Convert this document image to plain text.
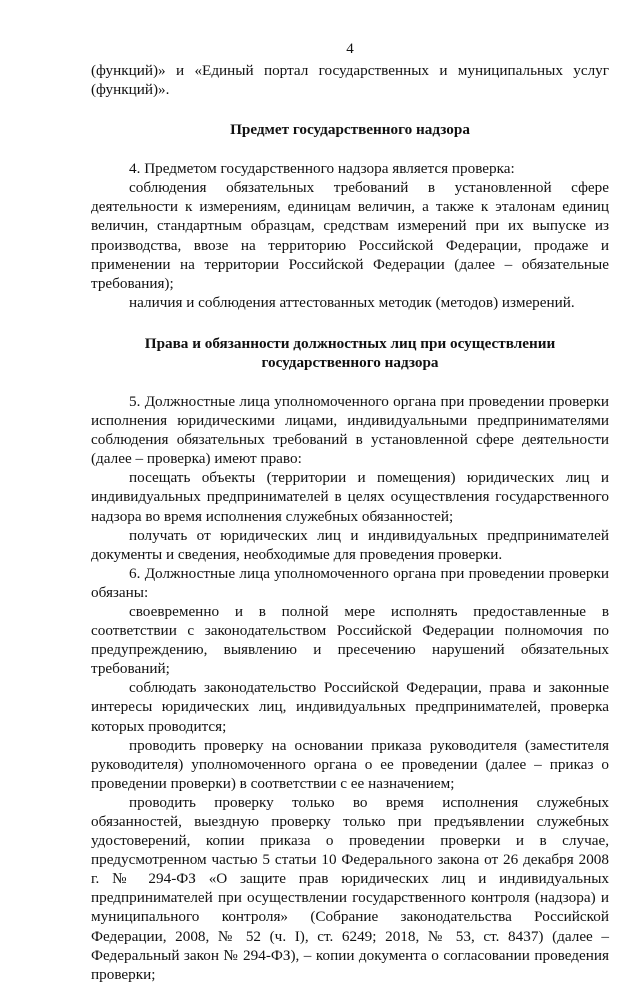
4

(функций)» и «Единый портал государственных и муниципальных услуг (функций)».

Предмет государственного надзора

4. Предметом государственного надзора является проверка:

соблюдения обязательных требований в установленной сфере деятельности к измерениям, единицам величин, а также к эталонам единиц величин, стандартным образцам, средствам измерений при их выпуске из производства, ввозе на территорию Российской Федерации, продаже и применении на территории Российской Федерации (далее – обязательные требования);

наличия и соблюдения аттестованных методик (методов) измерений.

Права и обязанности должностных лиц при осуществлении
государственного надзора

5. Должностные лица уполномоченного органа при проведении проверки исполнения юридическими лицами, индивидуальными предпринимателями соблюдения обязательных требований в установленной сфере деятельности (далее – проверка) имеют право:

посещать объекты (территории и помещения) юридических лиц и индивидуальных предпринимателей в целях осуществления государственного надзора во время исполнения служебных обязанностей;

получать от юридических лиц и индивидуальных предпринимателей документы и сведения, необходимые для проведения проверки.

6. Должностные лица уполномоченного органа при проведении проверки обязаны:

своевременно и в полной мере исполнять предоставленные в соответствии с законодательством Российской Федерации полномочия по предупреждению, выявлению и пресечению нарушений обязательных требований;

соблюдать законодательство Российской Федерации, права и законные интересы юридических лиц, индивидуальных предпринимателей, проверка которых проводится;

проводить проверку на основании приказа руководителя (заместителя руководителя) уполномоченного органа о ее проведении (далее – приказ о проведении проверки) в соответствии с ее назначением;

проводить проверку только во время исполнения служебных обязанностей, выездную проверку только при предъявлении служебных удостоверений, копии приказа о проведении проверки и в случае, предусмотренном частью 5 статьи 10 Федерального закона от 26 декабря 2008 г. № 294-ФЗ «О защите прав юридических лиц и индивидуальных предпринимателей при осуществлении государственного контроля (надзора) и муниципального контроля» (Собрание законодательства Российской Федерации, 2008, № 52 (ч. I), ст. 6249; 2018, № 53, ст. 8437) (далее – Федеральный закон № 294-ФЗ), – копии документа о согласовании проведения проверки;
